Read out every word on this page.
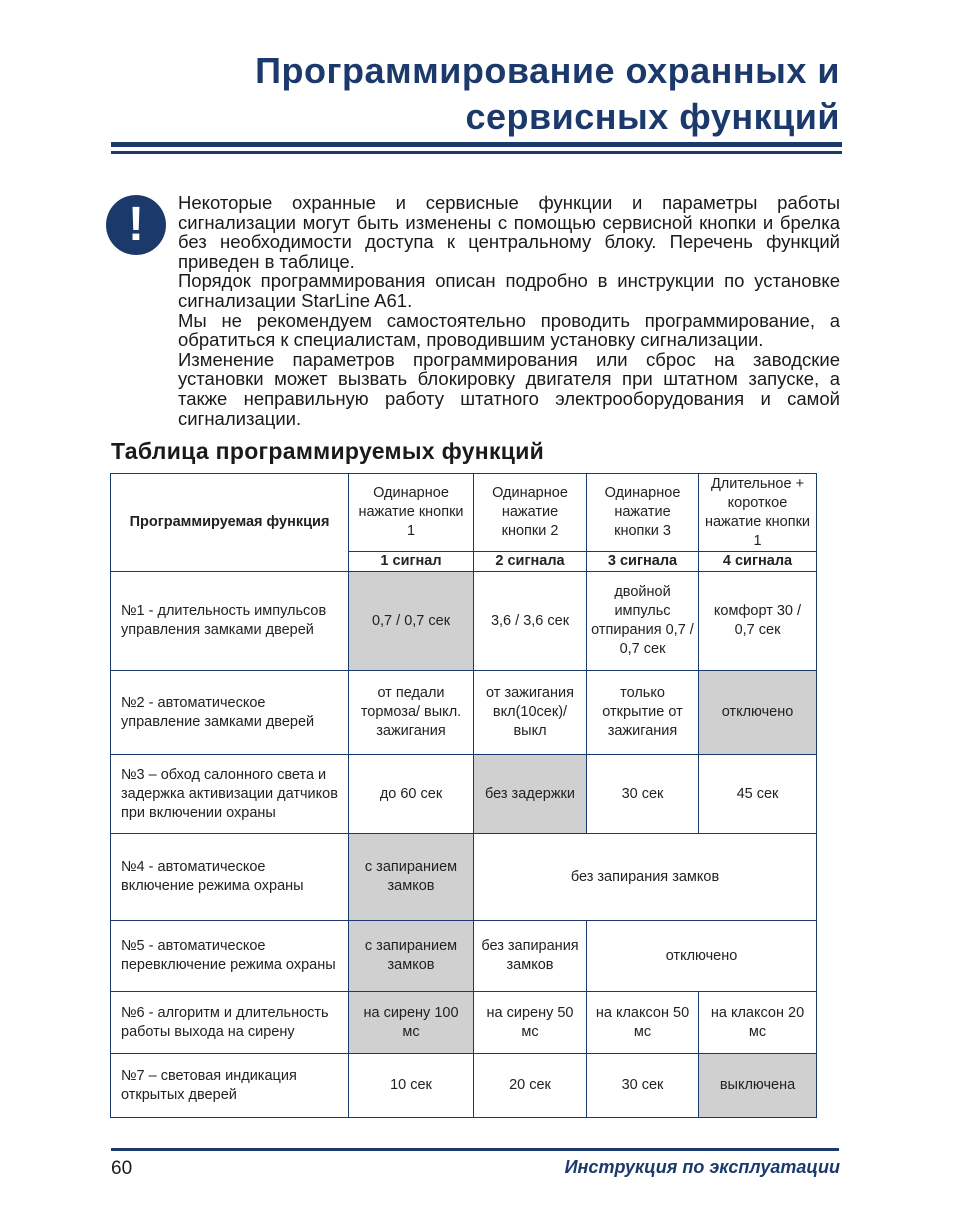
Программирование охранных и
сервисных функций
!	Некоторые охранные и сервисные функции и параметры работы сигнализации могут быть изменены с помощью сервисной кнопки и брелка без необходимости доступа к центральному блоку. Перечень функций приведен в таблице.

Порядок программирования описан подробно в инструкции по установке сигнализации StarLine A61.

Мы не рекомендуем самостоятельно проводить программирование, а обратиться к специалистам, проводившим установку сигнализации.

Изменение параметров программирования или сброс на заводские установки может вызвать блокировку двигателя при штатном запуске, а также неправильную работу штатного электрооборудования и самой сигнализации.

Таблица программируемых функций
Программируемая функция	Одинарное нажатие кнопки 1	Одинарное нажатие кнопки 2	Одинарное нажатие кнопки 3	Длительное + короткое нажатие кнопки 1
	1 сигнал	2 сигнала	3 сигнала	4 сигнала
№1 - длительность импульсов управления замками дверей	0,7 / 0,7 сек	3,6 / 3,6 сек	двойной импульс отпирания 0,7 / 0,7 сек	комфорт 30 / 0,7 сек
№2 - автоматическое управление замками дверей	от педали тормоза/ выкл. зажигания	от зажигания вкл(10сек)/ выкл	только открытие от зажигания	отключено
№3 – обход салонного света и задержка активизации датчиков при включении охраны	до 60 сек	без задержки	30 сек	45 сек
№4 - автоматическое включение режима охраны	с запиранием замков	без запирания замков		
№5 - автоматическое перевключение режима охраны	с запиранием замков	без запирания замков	отключено	
№6 - алгоритм и длительность работы выхода на сирену	на сирену 100 мс	на сирену 50 мс	на клаксон 50 мс	на клаксон 20 мс
№7 – световая индикация открытых дверей	10 сек	20 сек	30 сек	выключена
60	Инструкция по эксплуатации
